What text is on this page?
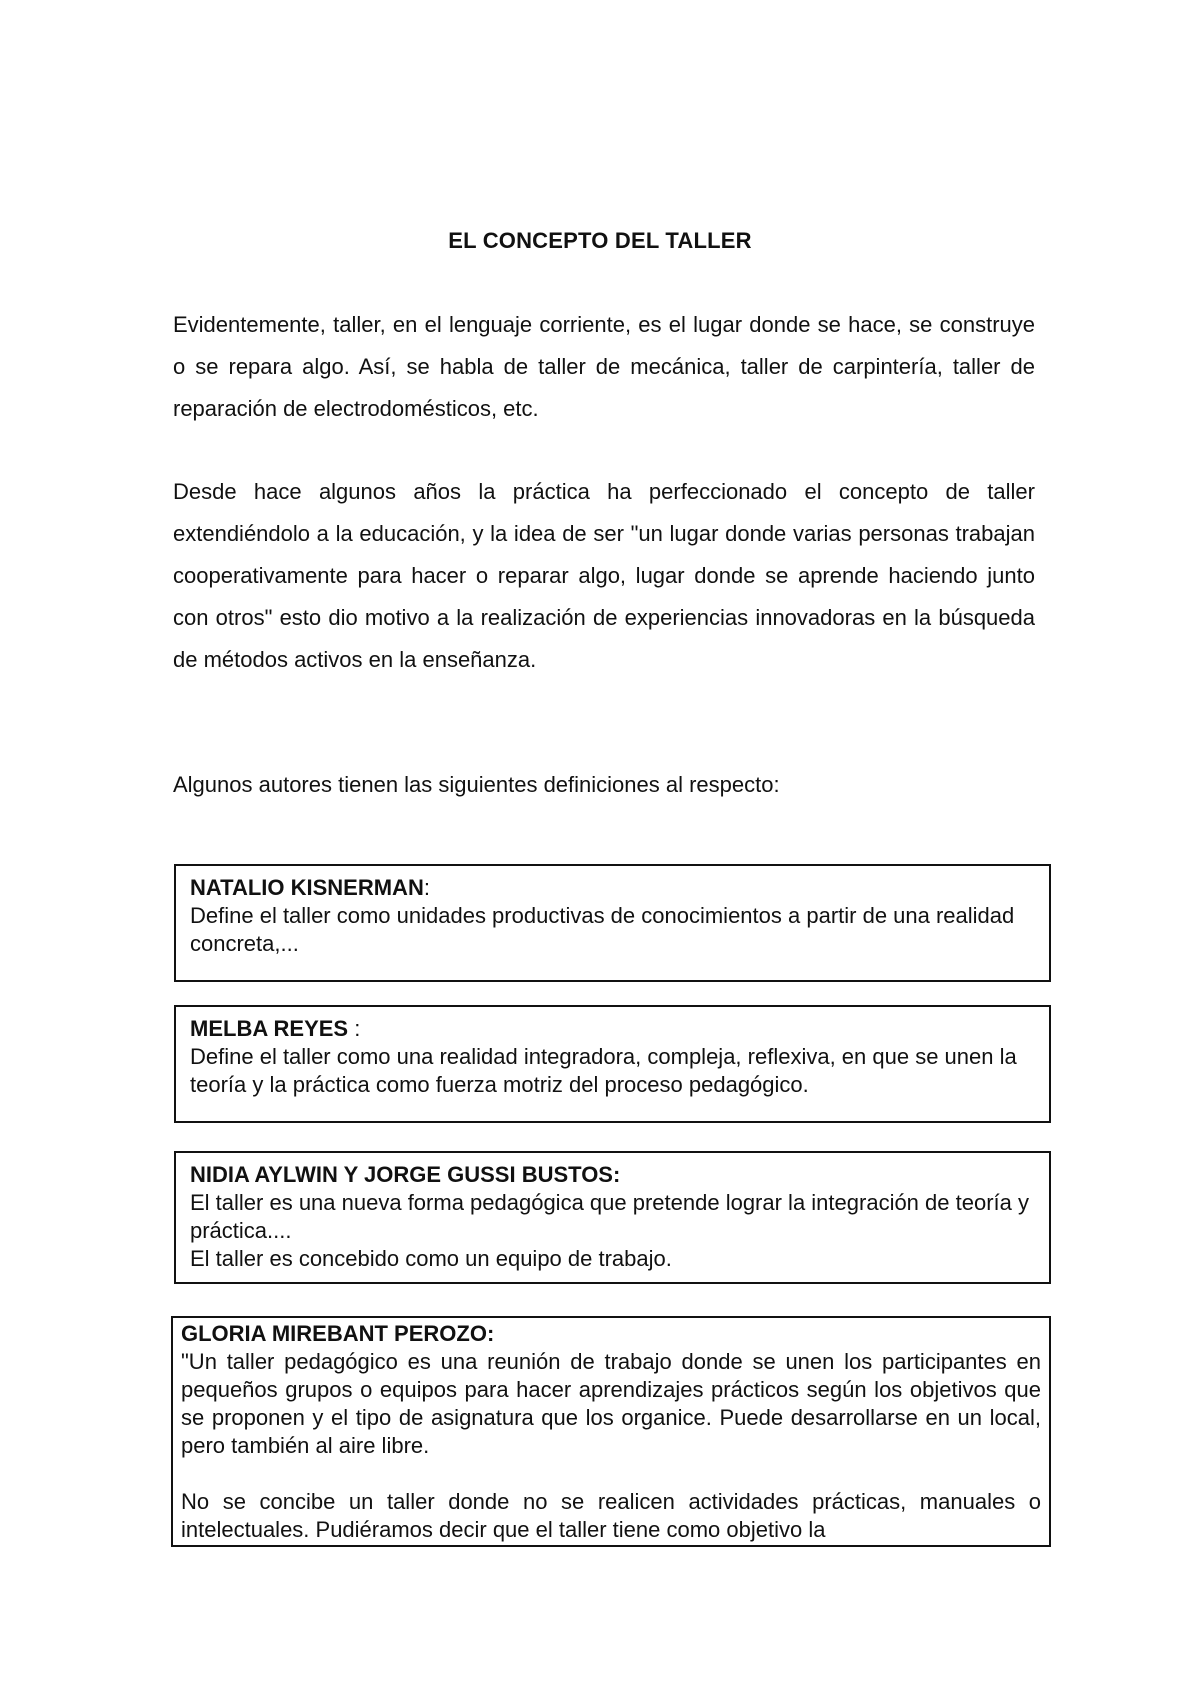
EL CONCEPTO DEL TALLER

Evidentemente, taller, en el lenguaje corriente, es el lugar donde se hace, se construye o se repara algo. Así, se habla de taller de mecánica, taller de carpintería, taller de reparación de electrodomésticos, etc.

Desde hace algunos años la práctica ha perfeccionado el concepto de taller extendiéndolo a la educación, y la idea de ser "un lugar donde varias personas trabajan cooperativamente para hacer o reparar algo, lugar donde se aprende haciendo junto con otros" esto dio motivo a la realización de experiencias innovadoras en la búsqueda de métodos activos en la enseñanza.

Algunos autores tienen las siguientes definiciones al respecto:

NATALIO KISNERMAN:
Define el taller como unidades productivas de conocimientos a partir de una realidad concreta,...
MELBA REYES :
Define el taller como una realidad integradora, compleja, reflexiva, en que se unen la teoría y la práctica como fuerza motriz del proceso pedagógico.
NIDIA AYLWIN Y JORGE GUSSI BUSTOS:
El taller es una nueva forma pedagógica que pretende lograr la integración de teoría y práctica....
El taller es concebido como un equipo de trabajo.
GLORIA MIREBANT PEROZO:
"Un taller pedagógico es una reunión de trabajo donde se unen los participantes en pequeños grupos o equipos para hacer aprendizajes prácticos según los objetivos que se proponen y el tipo de asignatura que los organice. Puede desarrollarse en un local, pero también al aire libre.
No se concibe un taller donde no se realicen actividades prácticas, manuales o intelectuales. Pudiéramos decir que el taller tiene como objetivo la
